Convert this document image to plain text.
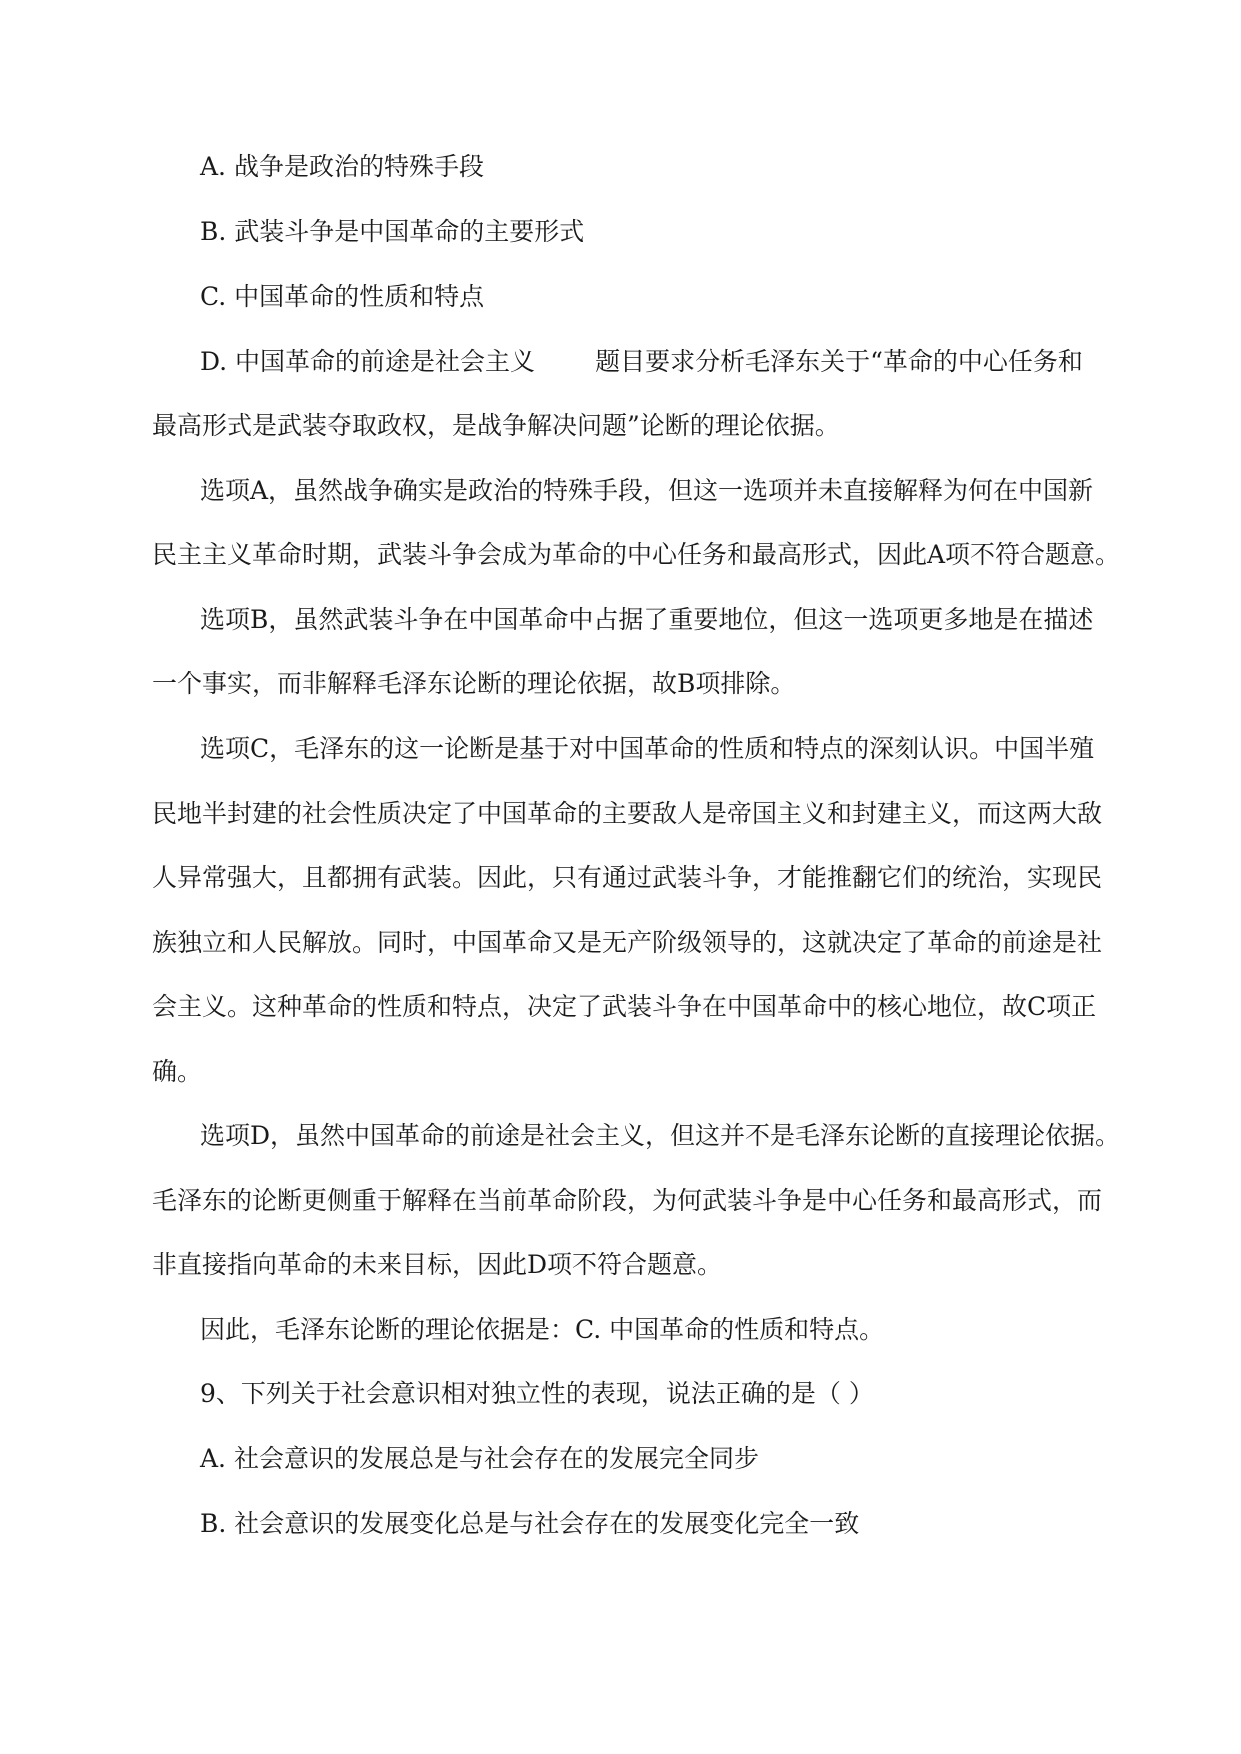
A. 战争是政治的特殊手段
B. 武装斗争是中国革命的主要形式
C. 中国革命的性质和特点
D. 中国革命的前途是社会主义 题目要求分析毛泽东关于“革命的中心任务和
最高形式是武装夺取政权，是战争解决问题”论断的理论依据。
选项A，虽然战争确实是政治的特殊手段，但这一选项并未直接解释为何在中国新
民主主义革命时期，武装斗争会成为革命的中心任务和最高形式，因此A项不符合题意。
选项B，虽然武装斗争在中国革命中占据了重要地位，但这一选项更多地是在描述
一个事实，而非解释毛泽东论断的理论依据，故B项排除。
选项C，毛泽东的这一论断是基于对中国革命的性质和特点的深刻认识。中国半殖
民地半封建的社会性质决定了中国革命的主要敌人是帝国主义和封建主义，而这两大敌
人异常强大，且都拥有武装。因此，只有通过武装斗争，才能推翻它们的统治，实现民
族独立和人民解放。同时，中国革命又是无产阶级领导的，这就决定了革命的前途是社
会主义。这种革命的性质和特点，决定了武装斗争在中国革命中的核心地位，故C项正
确。
选项D，虽然中国革命的前途是社会主义，但这并不是毛泽东论断的直接理论依据。
毛泽东的论断更侧重于解释在当前革命阶段，为何武装斗争是中心任务和最高形式，而
非直接指向革命的未来目标，因此D项不符合题意。
因此，毛泽东论断的理论依据是：C. 中国革命的性质和特点。
9、下列关于社会意识相对独立性的表现，说法正确的是（ ）
A. 社会意识的发展总是与社会存在的发展完全同步
B. 社会意识的发展变化总是与社会存在的发展变化完全一致
